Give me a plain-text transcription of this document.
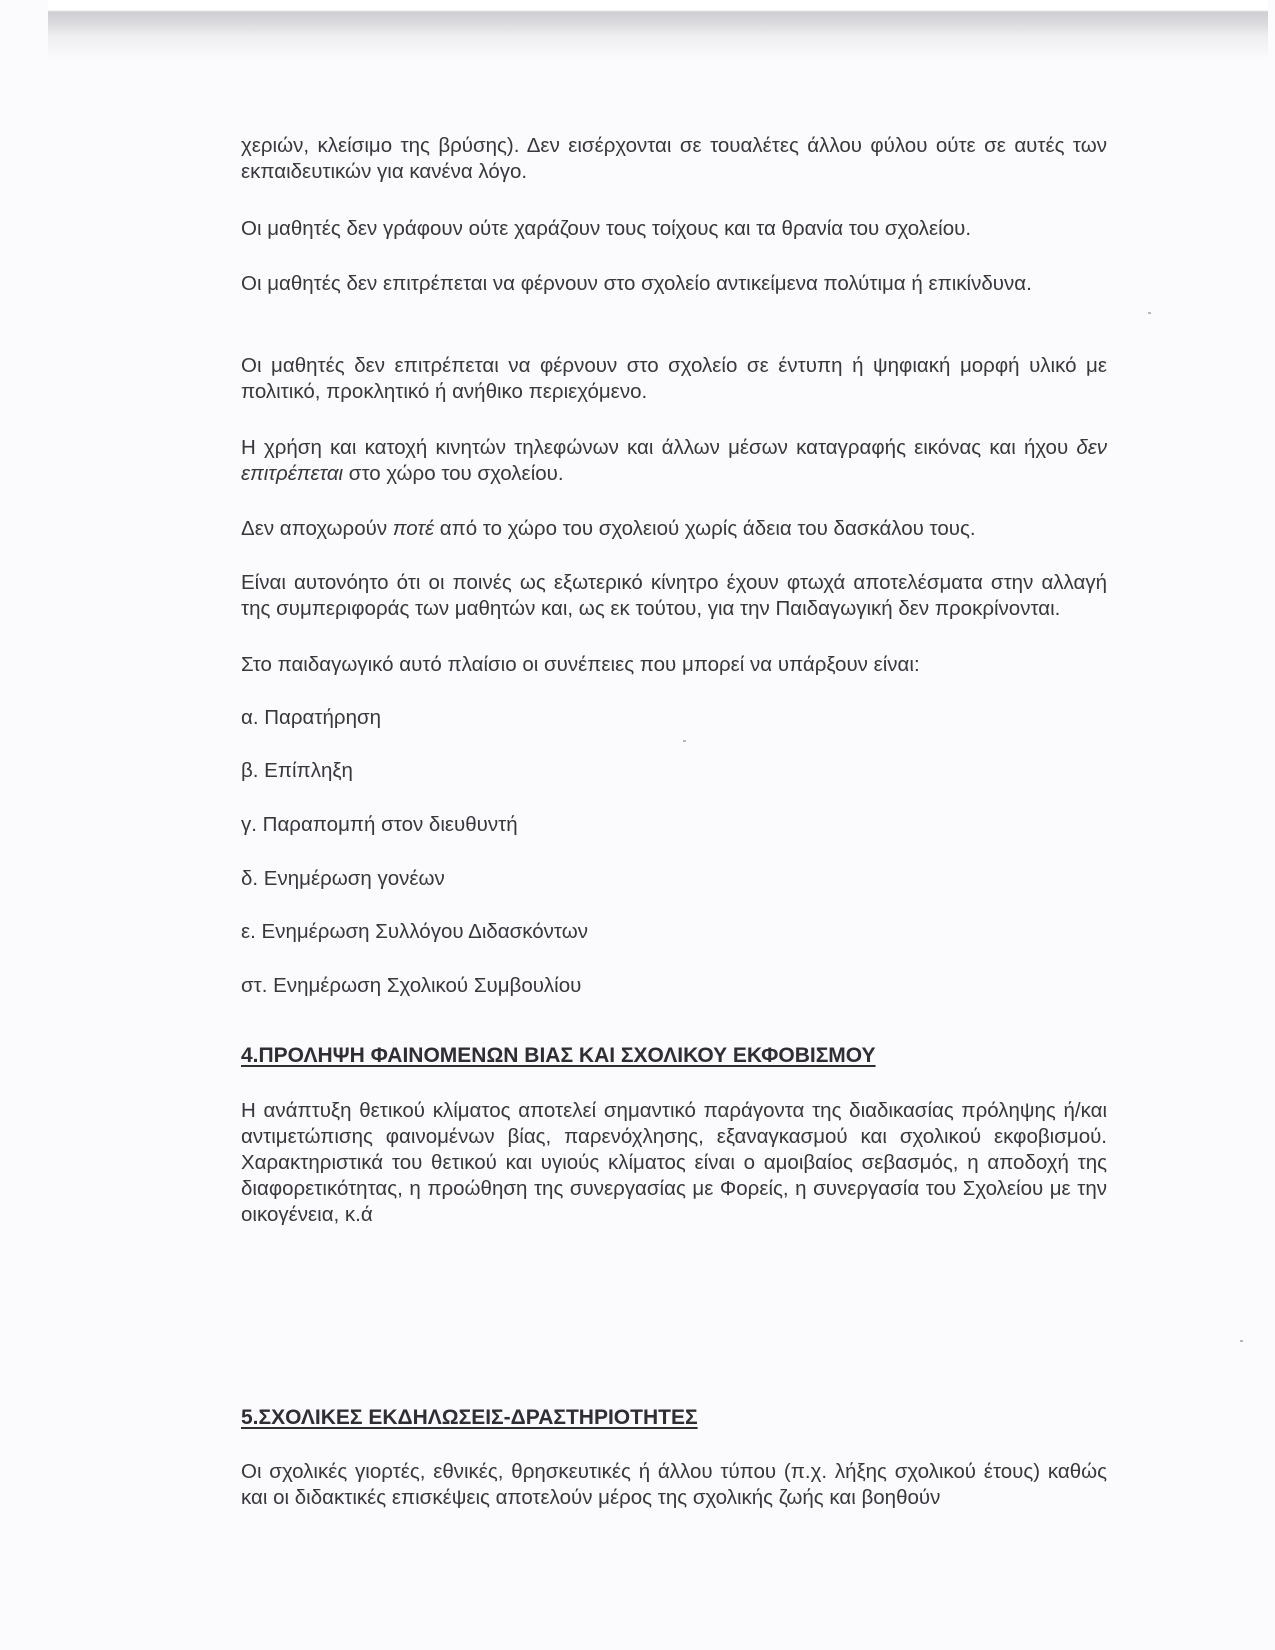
χεριών, κλείσιμο της βρύσης). Δεν εισέρχονται σε τουαλέτες άλλου φύλου ούτε σε αυτές των εκπαιδευτικών για κανένα λόγο.

Οι μαθητές δεν γράφουν ούτε χαράζουν τους τοίχους και τα θρανία του σχολείου.

Οι μαθητές δεν επιτρέπεται να φέρνουν στο σχολείο αντικείμενα πολύτιμα ή επικίνδυνα.

Οι μαθητές δεν επιτρέπεται να φέρνουν στο σχολείο σε έντυπη ή ψηφιακή μορφή υλικό με πολιτικό, προκλητικό ή ανήθικο περιεχόμενο.

Η χρήση και κατοχή κινητών τηλεφώνων και άλλων μέσων καταγραφής εικόνας και ήχου δεν επιτρέπεται στο χώρο του σχολείου.

Δεν αποχωρούν ποτέ από το χώρο του σχολειού χωρίς άδεια του δασκάλου τους.

Είναι αυτονόητο ότι οι ποινές ως εξωτερικό κίνητρο έχουν φτωχά αποτελέσματα στην αλλαγή της συμπεριφοράς των μαθητών και, ως εκ τούτου, για την Παιδαγωγική δεν προκρίνονται.

Στο παιδαγωγικό αυτό πλαίσιο οι συνέπειες που μπορεί να υπάρξουν είναι:

α. Παρατήρηση

β. Επίπληξη

γ. Παραπομπή στον διευθυντή

δ. Ενημέρωση γονέων

ε. Ενημέρωση Συλλόγου Διδασκόντων

στ. Ενημέρωση Σχολικού Συμβουλίου

4.ΠΡΟΛΗΨΗ ΦΑΙΝΟΜΕΝΩΝ ΒΙΑΣ ΚΑΙ ΣΧΟΛΙΚΟΥ ΕΚΦΟΒΙΣΜΟΥ

Η ανάπτυξη θετικού κλίματος αποτελεί σημαντικό παράγοντα της διαδικασίας πρόληψης ή/και αντιμετώπισης φαινομένων βίας, παρενόχλησης, εξαναγκασμού και σχολικού εκφοβισμού. Χαρακτηριστικά του θετικού και υγιούς κλίματος είναι ο αμοιβαίος σεβασμός, η αποδοχή της διαφορετικότητας, η προώθηση της συνεργασίας με Φορείς, η συνεργασία του Σχολείου με την οικογένεια, κ.ά

5.ΣΧΟΛΙΚΕΣ ΕΚΔΗΛΩΣΕΙΣ-ΔΡΑΣΤΗΡΙΟΤΗΤΕΣ

Οι σχολικές γιορτές, εθνικές, θρησκευτικές ή άλλου τύπου (π.χ. λήξης σχολικού έτους) καθώς και οι διδακτικές επισκέψεις αποτελούν μέρος της σχολικής ζωής και βοηθούν
